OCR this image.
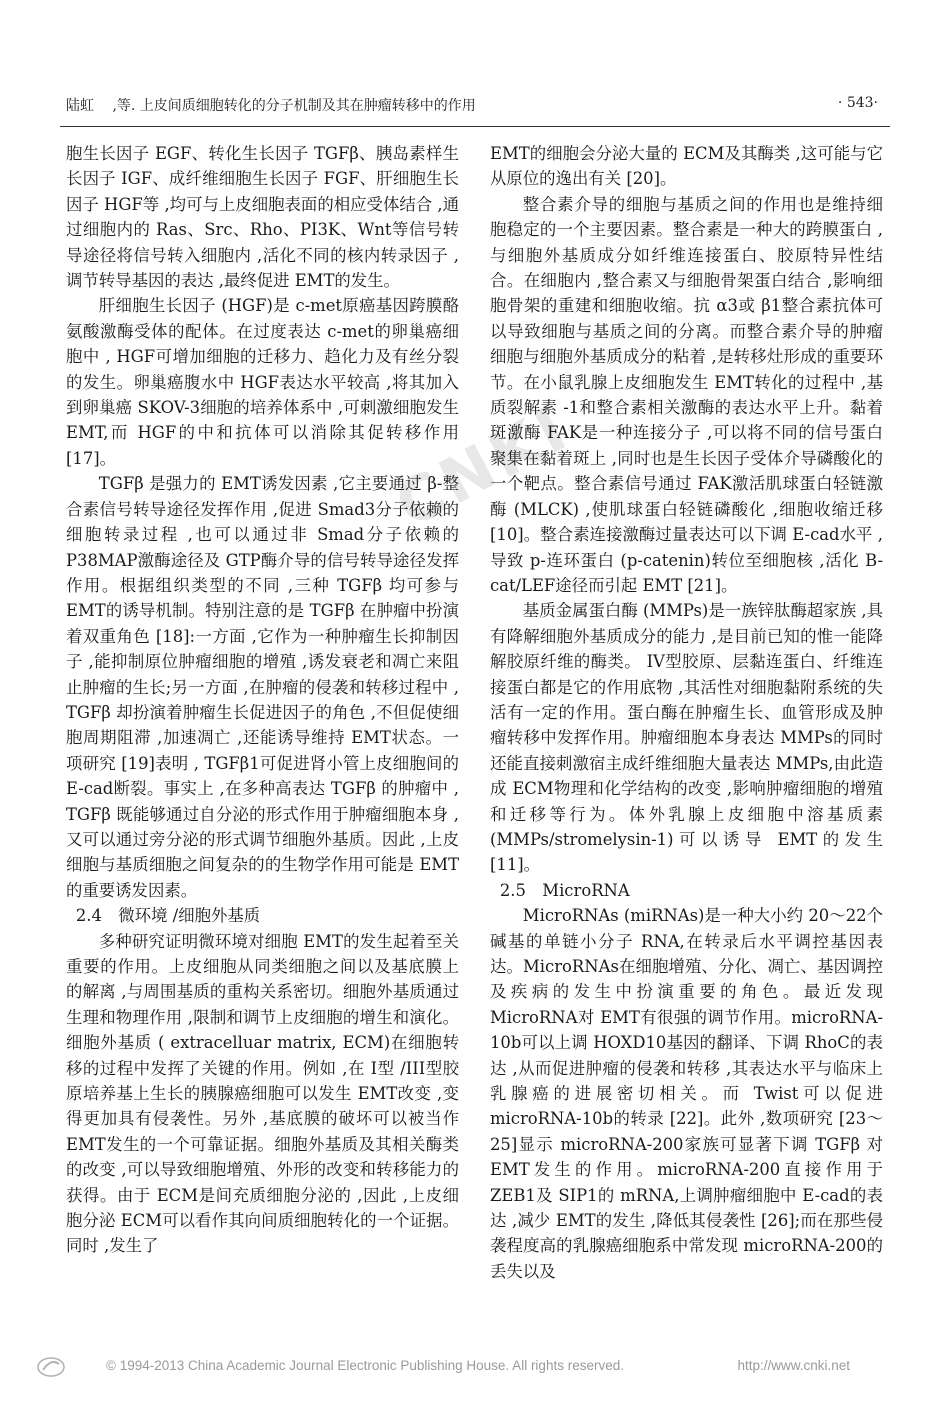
陆虹　 ,等. 上皮间质细胞转化的分子机制及其在肿瘤转移中的作用	· 543·
CNKI

胞生长因子 EGF、转化生长因子 TGFβ、胰岛素样生长因子 IGF、成纤维细胞生长因子 FGF、肝细胞生长因子 HGF等 ,均可与上皮细胞表面的相应受体结合 ,通过细胞内的 Ras、Src、Rho、PI3K、Wnt等信号转导途径将信号转入细胞内 ,活化不同的核内转录因子 ,调节转导基因的表达 ,最终促进 EMT的发生。

肝细胞生长因子 (HGF)是 c-met原癌基因跨膜酪氨酸激酶受体的配体。在过度表达 c-met的卵巢癌细胞中 , HGF可增加细胞的迁移力、趋化力及有丝分裂的发生。卵巢癌腹水中 HGF表达水平较高 ,将其加入到卵巢癌 SKOV-3细胞的培养体系中 ,可刺激细胞发生 EMT,而 HGF的中和抗体可以消除其促转移作用 [17]。

TGFβ 是强力的 EMT诱发因素 ,它主要通过 β-整合素信号转导途径发挥作用 ,促进 Smad3分子依赖的细胞转录过程 ,也可以通过非 Smad分子依赖的 P38MAP激酶途径及 GTP酶介导的信号转导途径发挥作用。根据组织类型的不同 ,三种 TGFβ 均可参与 EMT的诱导机制。特别注意的是 TGFβ 在肿瘤中扮演着双重角色 [18]:一方面 ,它作为一种肿瘤生长抑制因子 ,能抑制原位肿瘤细胞的增殖 ,诱发衰老和凋亡来阻止肿瘤的生长;另一方面 ,在肿瘤的侵袭和转移过程中 , TGFβ 却扮演着肿瘤生长促进因子的角色 ,不但促使细胞周期阻滞 ,加速凋亡 ,还能诱导维持 EMT状态。一项研究 [19]表明 , TGFβ1可促进肾小管上皮细胞间的 E-cad断裂。事实上 ,在多种高表达 TGFβ 的肿瘤中 , TGFβ 既能够通过自分泌的形式作用于肿瘤细胞本身 ,又可以通过旁分泌的形式调节细胞外基质。因此 ,上皮细胞与基质细胞之间复杂的的生物学作用可能是 EMT的重要诱发因素。

2.4　微环境 /细胞外基质

多种研究证明微环境对细胞 EMT的发生起着至关重要的作用。上皮细胞从同类细胞之间以及基底膜上的解离 ,与周围基质的重构关系密切。细胞外基质通过生理和物理作用 ,限制和调节上皮细胞的增生和演化。细胞外基质 ( extracelluar matrix, ECM)在细胞转移的过程中发挥了关键的作用。例如 ,在 I型 /III型胶原培养基上生长的胰腺癌细胞可以发生 EMT改变 ,变得更加具有侵袭性。另外 ,基底膜的破坏可以被当作 EMT发生的一个可靠证据。细胞外基质及其相关酶类的改变 ,可以导致细胞增殖、外形的改变和转移能力的获得。由于 ECM是间充质细胞分泌的 ,因此 ,上皮细胞分泌 ECM可以看作其向间质细胞转化的一个证据。同时 ,发生了

EMT的细胞会分泌大量的 ECM及其酶类 ,这可能与它从原位的逸出有关 [20]。

整合素介导的细胞与基质之间的作用也是维持细胞稳定的一个主要因素。整合素是一种大的跨膜蛋白 ,与细胞外基质成分如纤维连接蛋白、胶原特异性结合。在细胞内 ,整合素又与细胞骨架蛋白结合 ,影响细胞骨架的重建和细胞收缩。抗 α3或 β1整合素抗体可以导致细胞与基质之间的分离。而整合素介导的肿瘤细胞与细胞外基质成分的粘着 ,是转移灶形成的重要环节。在小鼠乳腺上皮细胞发生 EMT转化的过程中 ,基质裂解素 -1和整合素相关激酶的表达水平上升。黏着斑激酶 FAK是一种连接分子 ,可以将不同的信号蛋白聚集在黏着斑上 ,同时也是生长因子受体介导磷酸化的一个靶点。整合素信号通过 FAK激活肌球蛋白轻链激酶 (MLCK) ,使肌球蛋白轻链磷酸化 ,细胞收缩迁移 [10]。整合素连接激酶过量表达可以下调 E-cad水平 ,导致 p-连环蛋白 (p-catenin)转位至细胞核 ,活化 B-cat/LEF途径而引起 EMT [21]。

基质金属蛋白酶 (MMPs)是一族锌肽酶超家族 ,具有降解细胞外基质成分的能力 ,是目前已知的惟一能降解胶原纤维的酶类。 IV型胶原、层黏连蛋白、纤维连接蛋白都是它的作用底物 ,其活性对细胞黏附系统的失活有一定的作用。蛋白酶在肿瘤生长、血管形成及肿瘤转移中发挥作用。肿瘤细胞本身表达 MMPs的同时还能直接刺激宿主成纤维细胞大量表达 MMPs,由此造成 ECM物理和化学结构的改变 ,影响肿瘤细胞的增殖和迁移等行为。体外乳腺上皮细胞中溶基质素 (MMPs/stromelysin-1)可以诱导 EMT的发生 [11]。

2.5　MicroRNA

MicroRNAs (miRNAs)是一种大小约 20～22个碱基的单链小分子 RNA,在转录后水平调控基因表达。MicroRNAs在细胞增殖、分化、凋亡、基因调控及疾病的发生中扮演重要的角色。最近发现 MicroRNA对 EMT有很强的调节作用。microRNA-10b可以上调 HOXD10基因的翻译、下调 RhoC的表达 ,从而促进肿瘤的侵袭和转移 ,其表达水平与临床上乳腺癌的进展密切相关。而 Twist可以促进 microRNA-10b的转录 [22]。此外 ,数项研究 [23～25]显示 microRNA-200家族可显著下调 TGFβ 对 EMT发生的作用。microRNA-200直接作用于 ZEB1及 SIP1的 mRNA,上调肿瘤细胞中 E-cad的表达 ,减少 EMT的发生 ,降低其侵袭性 [26];而在那些侵袭程度高的乳腺癌细胞系中常发现 microRNA-200的丢失以及

© 1994-2013 China Academic Journal Electronic Publishing House. All rights reserved.	http://www.cnki.net
